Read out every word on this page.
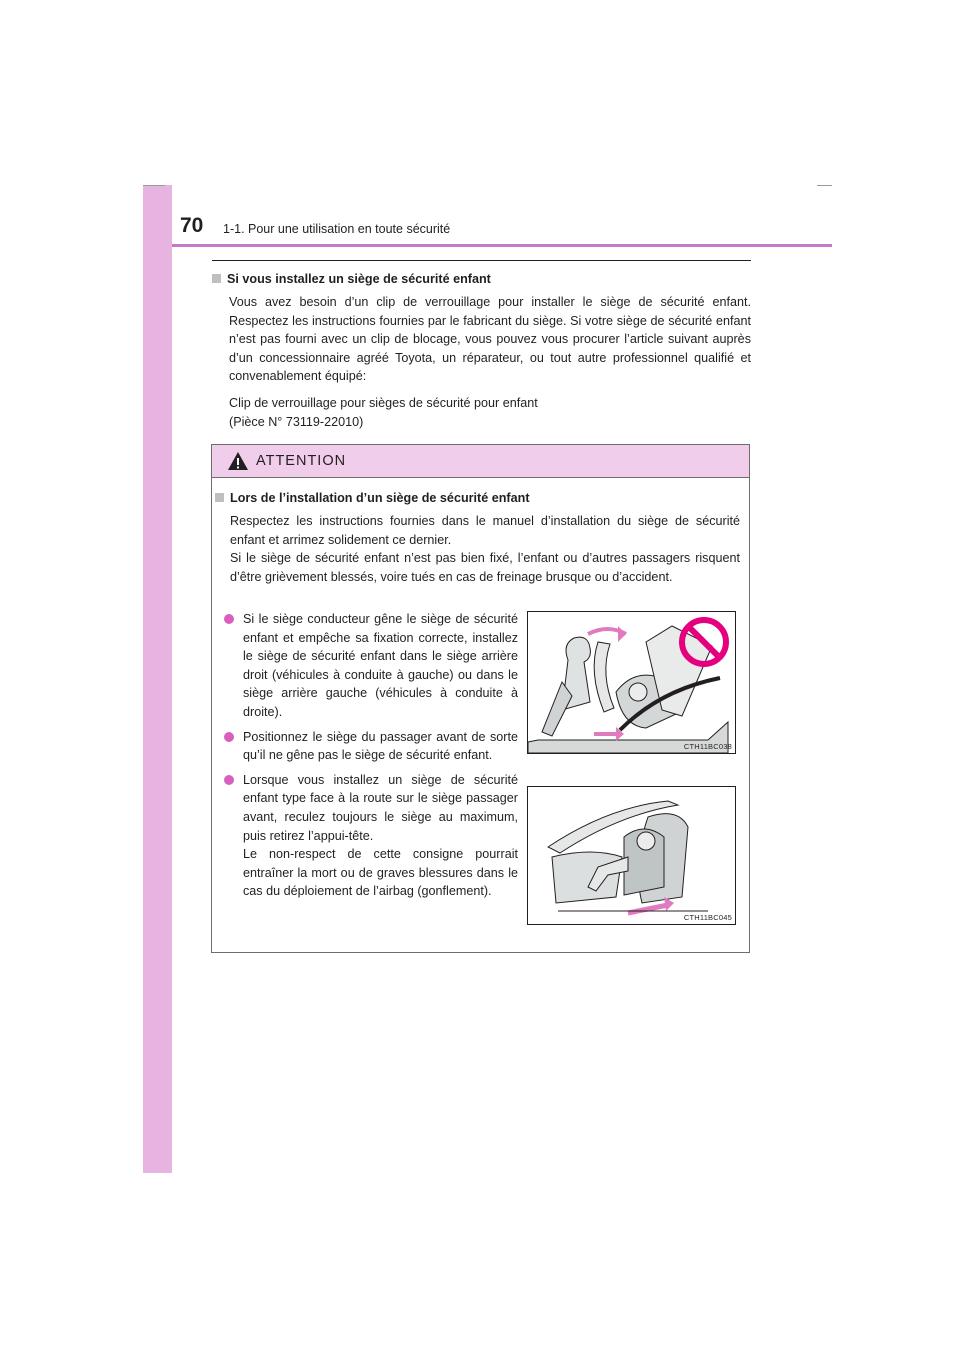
70 1-1. Pour une utilisation en toute sécurité
Si vous installez un siège de sécurité enfant

Vous avez besoin d’un clip de verrouillage pour installer le siège de sécurité enfant. Respectez les instructions fournies par le fabricant du siège. Si votre siège de sécurité enfant n’est pas fourni avec un clip de blocage, vous pouvez vous procurer l’article suivant auprès d’un concessionnaire agréé Toyota, un réparateur, ou tout autre professionnel qualifié et convenablement équipé:

Clip de verrouillage pour sièges de sécurité pour enfant

(Pièce N° 73119-22010)

ATTENTION
Lors de l’installation d’un siège de sécurité enfant

Respectez les instructions fournies dans le manuel d’installation du siège de sécurité enfant et arrimez solidement ce dernier.

Si le siège de sécurité enfant n’est pas bien fixé, l’enfant ou d’autres passagers risquent d’être grièvement blessés, voire tués en cas de freinage brusque ou d’accident.

Si le siège conducteur gêne le siège de sécurité enfant et empêche sa fixation correcte, installez le siège de sécurité enfant dans le siège arrière droit (véhicules à conduite à gauche) ou dans le siège arrière gauche (véhicules à conduite à droite).

Positionnez le siège du passager avant de sorte qu’il ne gêne pas le siège de sécurité enfant.

Lorsque vous installez un siège de sécurité enfant type face à la route sur le siège passager avant, reculez toujours le siège au maximum, puis retirez l’appui-tête.

Le non-respect de cette consigne pourrait entraîner la mort ou de graves blessures dans le cas du déploiement de l’airbag (gonflement).

CTH11BC038
CTH11BC045
